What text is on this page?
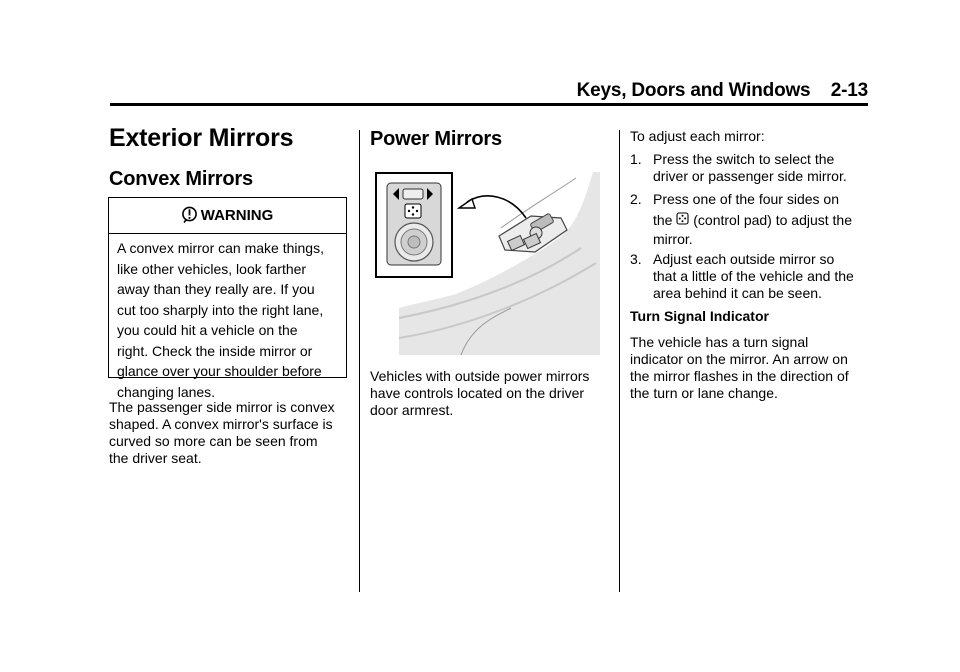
Keys, Doors and Windows 2-13
Exterior Mirrors
Convex Mirrors
WARNING
A convex mirror can make things,
like other vehicles, look farther
away than they really are. If you
cut too sharply into the right lane,
you could hit a vehicle on the
right. Check the inside mirror or
glance over your shoulder before
changing lanes.
The passenger side mirror is convex
shaped. A convex mirror's surface is
curved so more can be seen from
the driver seat.
Power Mirrors
Vehicles with outside power mirrors
have controls located on the driver
door armrest.
To adjust each mirror:
1. Press the switch to select the
driver or passenger side mirror.
2. Press one of the four sides on
the  (control pad) to adjust the
mirror.
3. Adjust each outside mirror so
that a little of the vehicle and the
area behind it can be seen.
Turn Signal Indicator
The vehicle has a turn signal
indicator on the mirror. An arrow on
the mirror flashes in the direction of
the turn or lane change.
